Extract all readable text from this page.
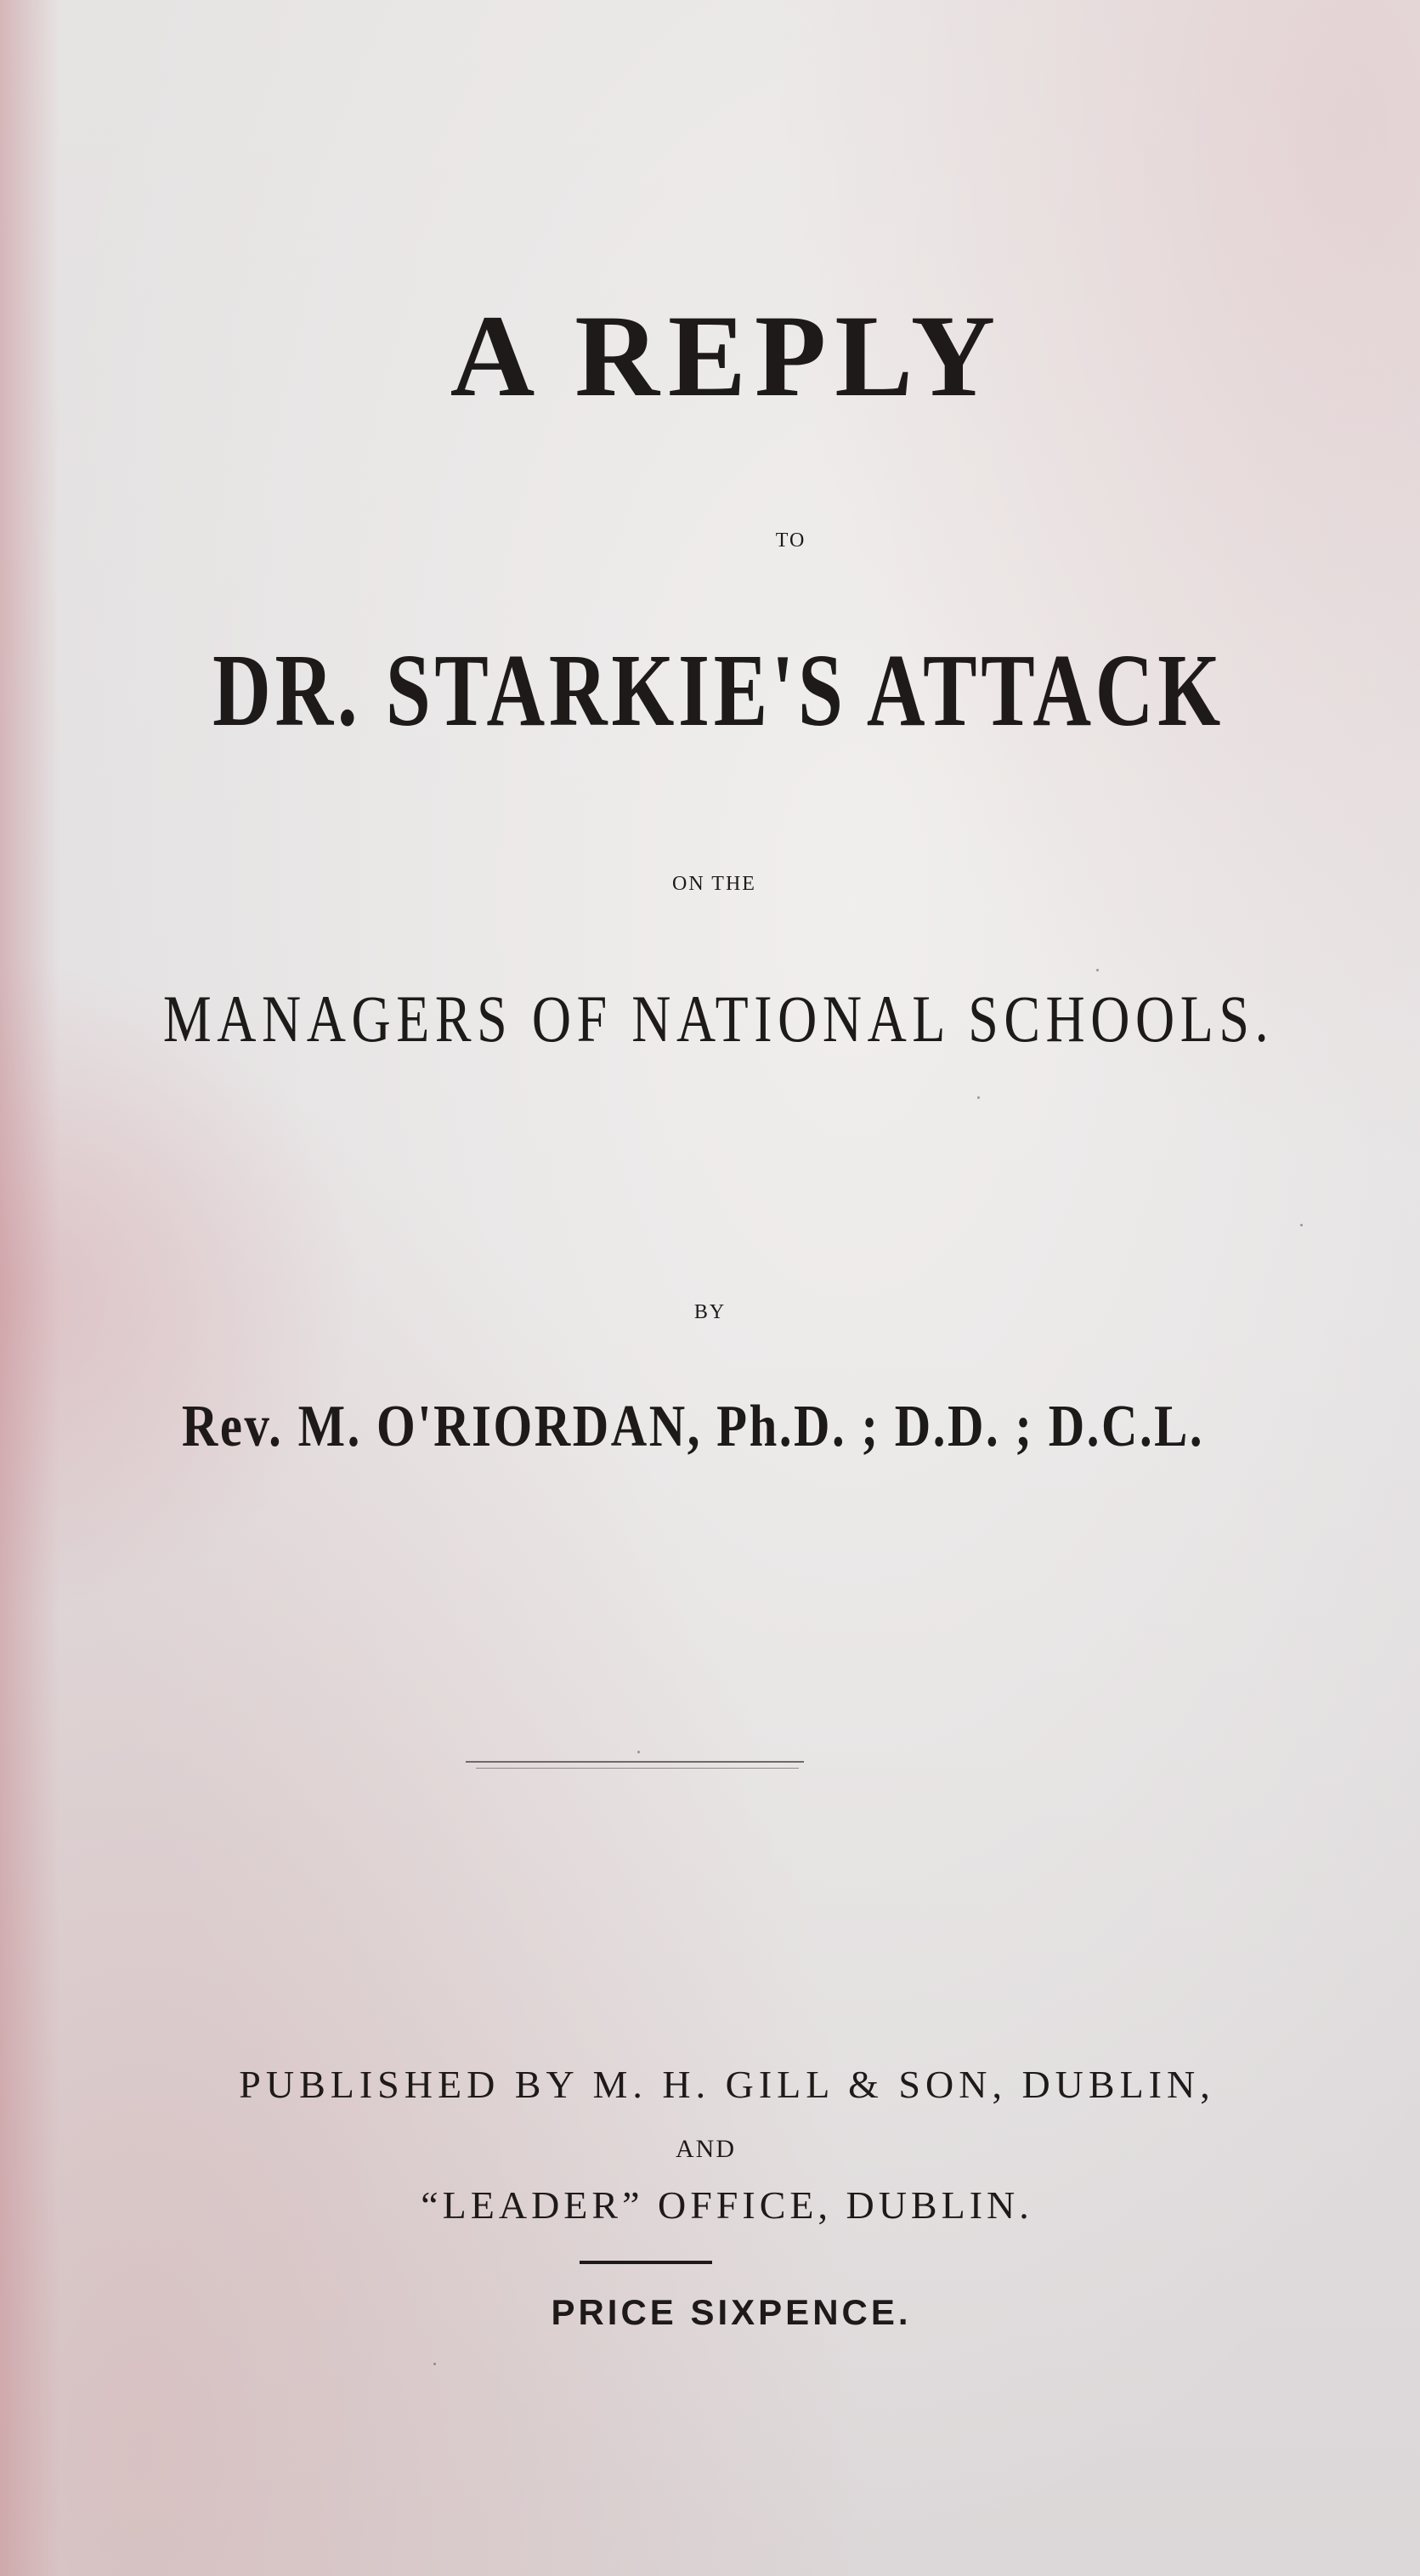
A REPLY

TO

DR. STARKIE'S ATTACK

ON THE

MANAGERS OF NATIONAL SCHOOLS.

BY

Rev. M. O'RIORDAN, Ph.D. ; D.D. ; D.C.L.

PUBLISHED BY M. H. GILL & SON, DUBLIN,

AND

“LEADER” OFFICE, DUBLIN.

PRICE SIXPENCE.
